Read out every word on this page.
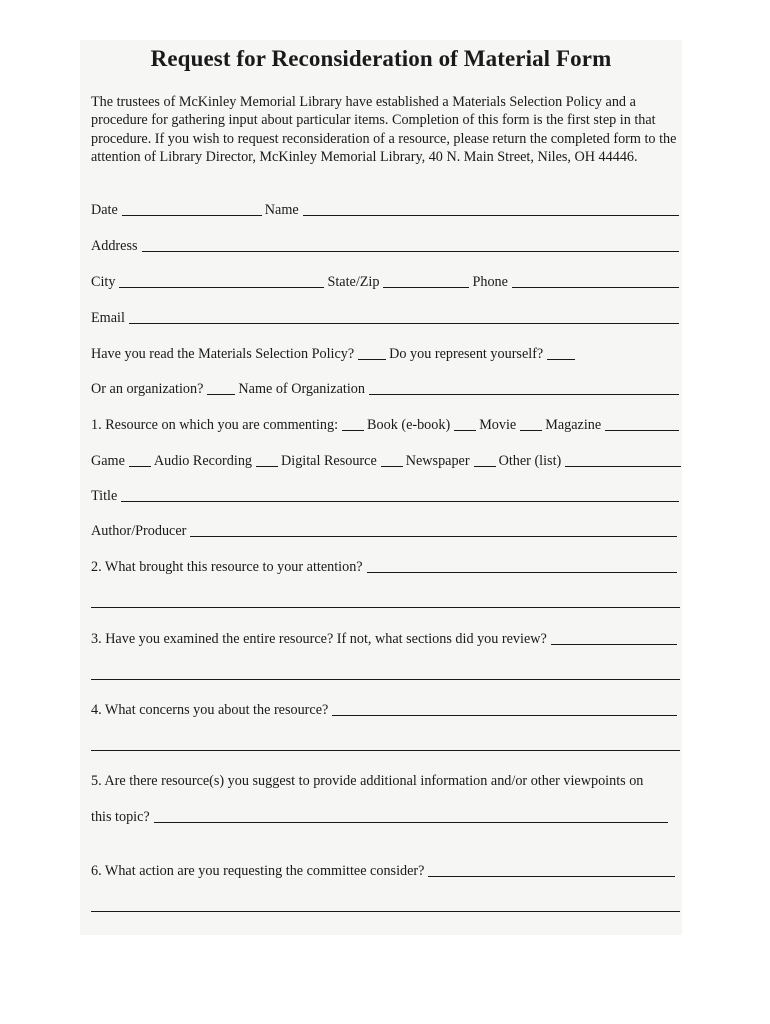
Request for Reconsideration of Material Form
The trustees of McKinley Memorial Library have established a Materials Selection Policy and a procedure for gathering input about particular items. Completion of this form is the first step in that procedure. If you wish to request reconsideration of a resource, please return the completed form to the attention of Library Director, McKinley Memorial Library, 40 N. Main Street, Niles, OH 44446.
Date	Name
Address
City	State/Zip	Phone
Email
Have you read the Materials Selection Policy? Do you represent yourself?
Or an organization? Name of Organization
1. Resource on which you are commenting: Book (e-book) Movie Magazine
Game Audio Recording Digital Resource Newspaper Other (list)
Title
Author/Producer
2. What brought this resource to your attention?
3. Have you examined the entire resource? If not, what sections did you review?
4. What concerns you about the resource?
5. Are there resource(s) you suggest to provide additional information and/or other viewpoints on
this topic?
6. What action are you requesting the committee consider?
